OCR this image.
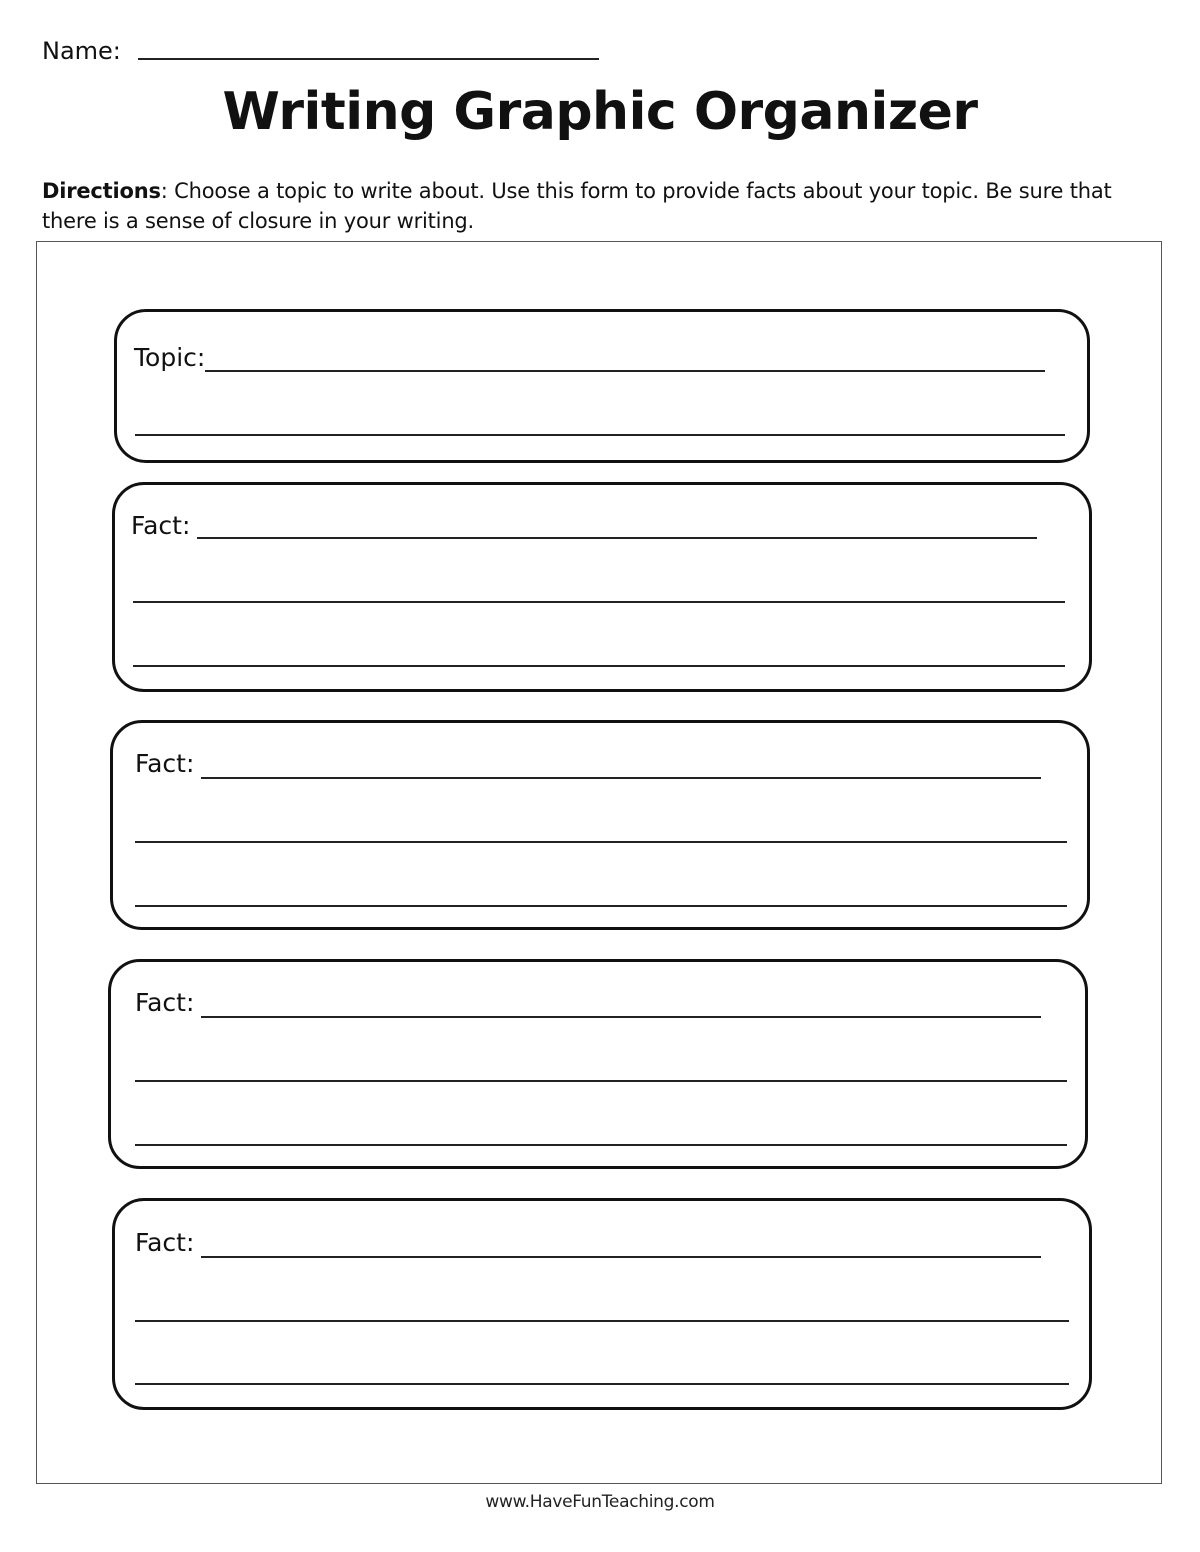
Name:
Writing Graphic Organizer
Directions: Choose a topic to write about. Use this form to provide facts about your topic. Be sure that there is a sense of closure in your writing.
Topic:
Fact:
Fact:
Fact:
Fact:
www.HaveFunTeaching.com
